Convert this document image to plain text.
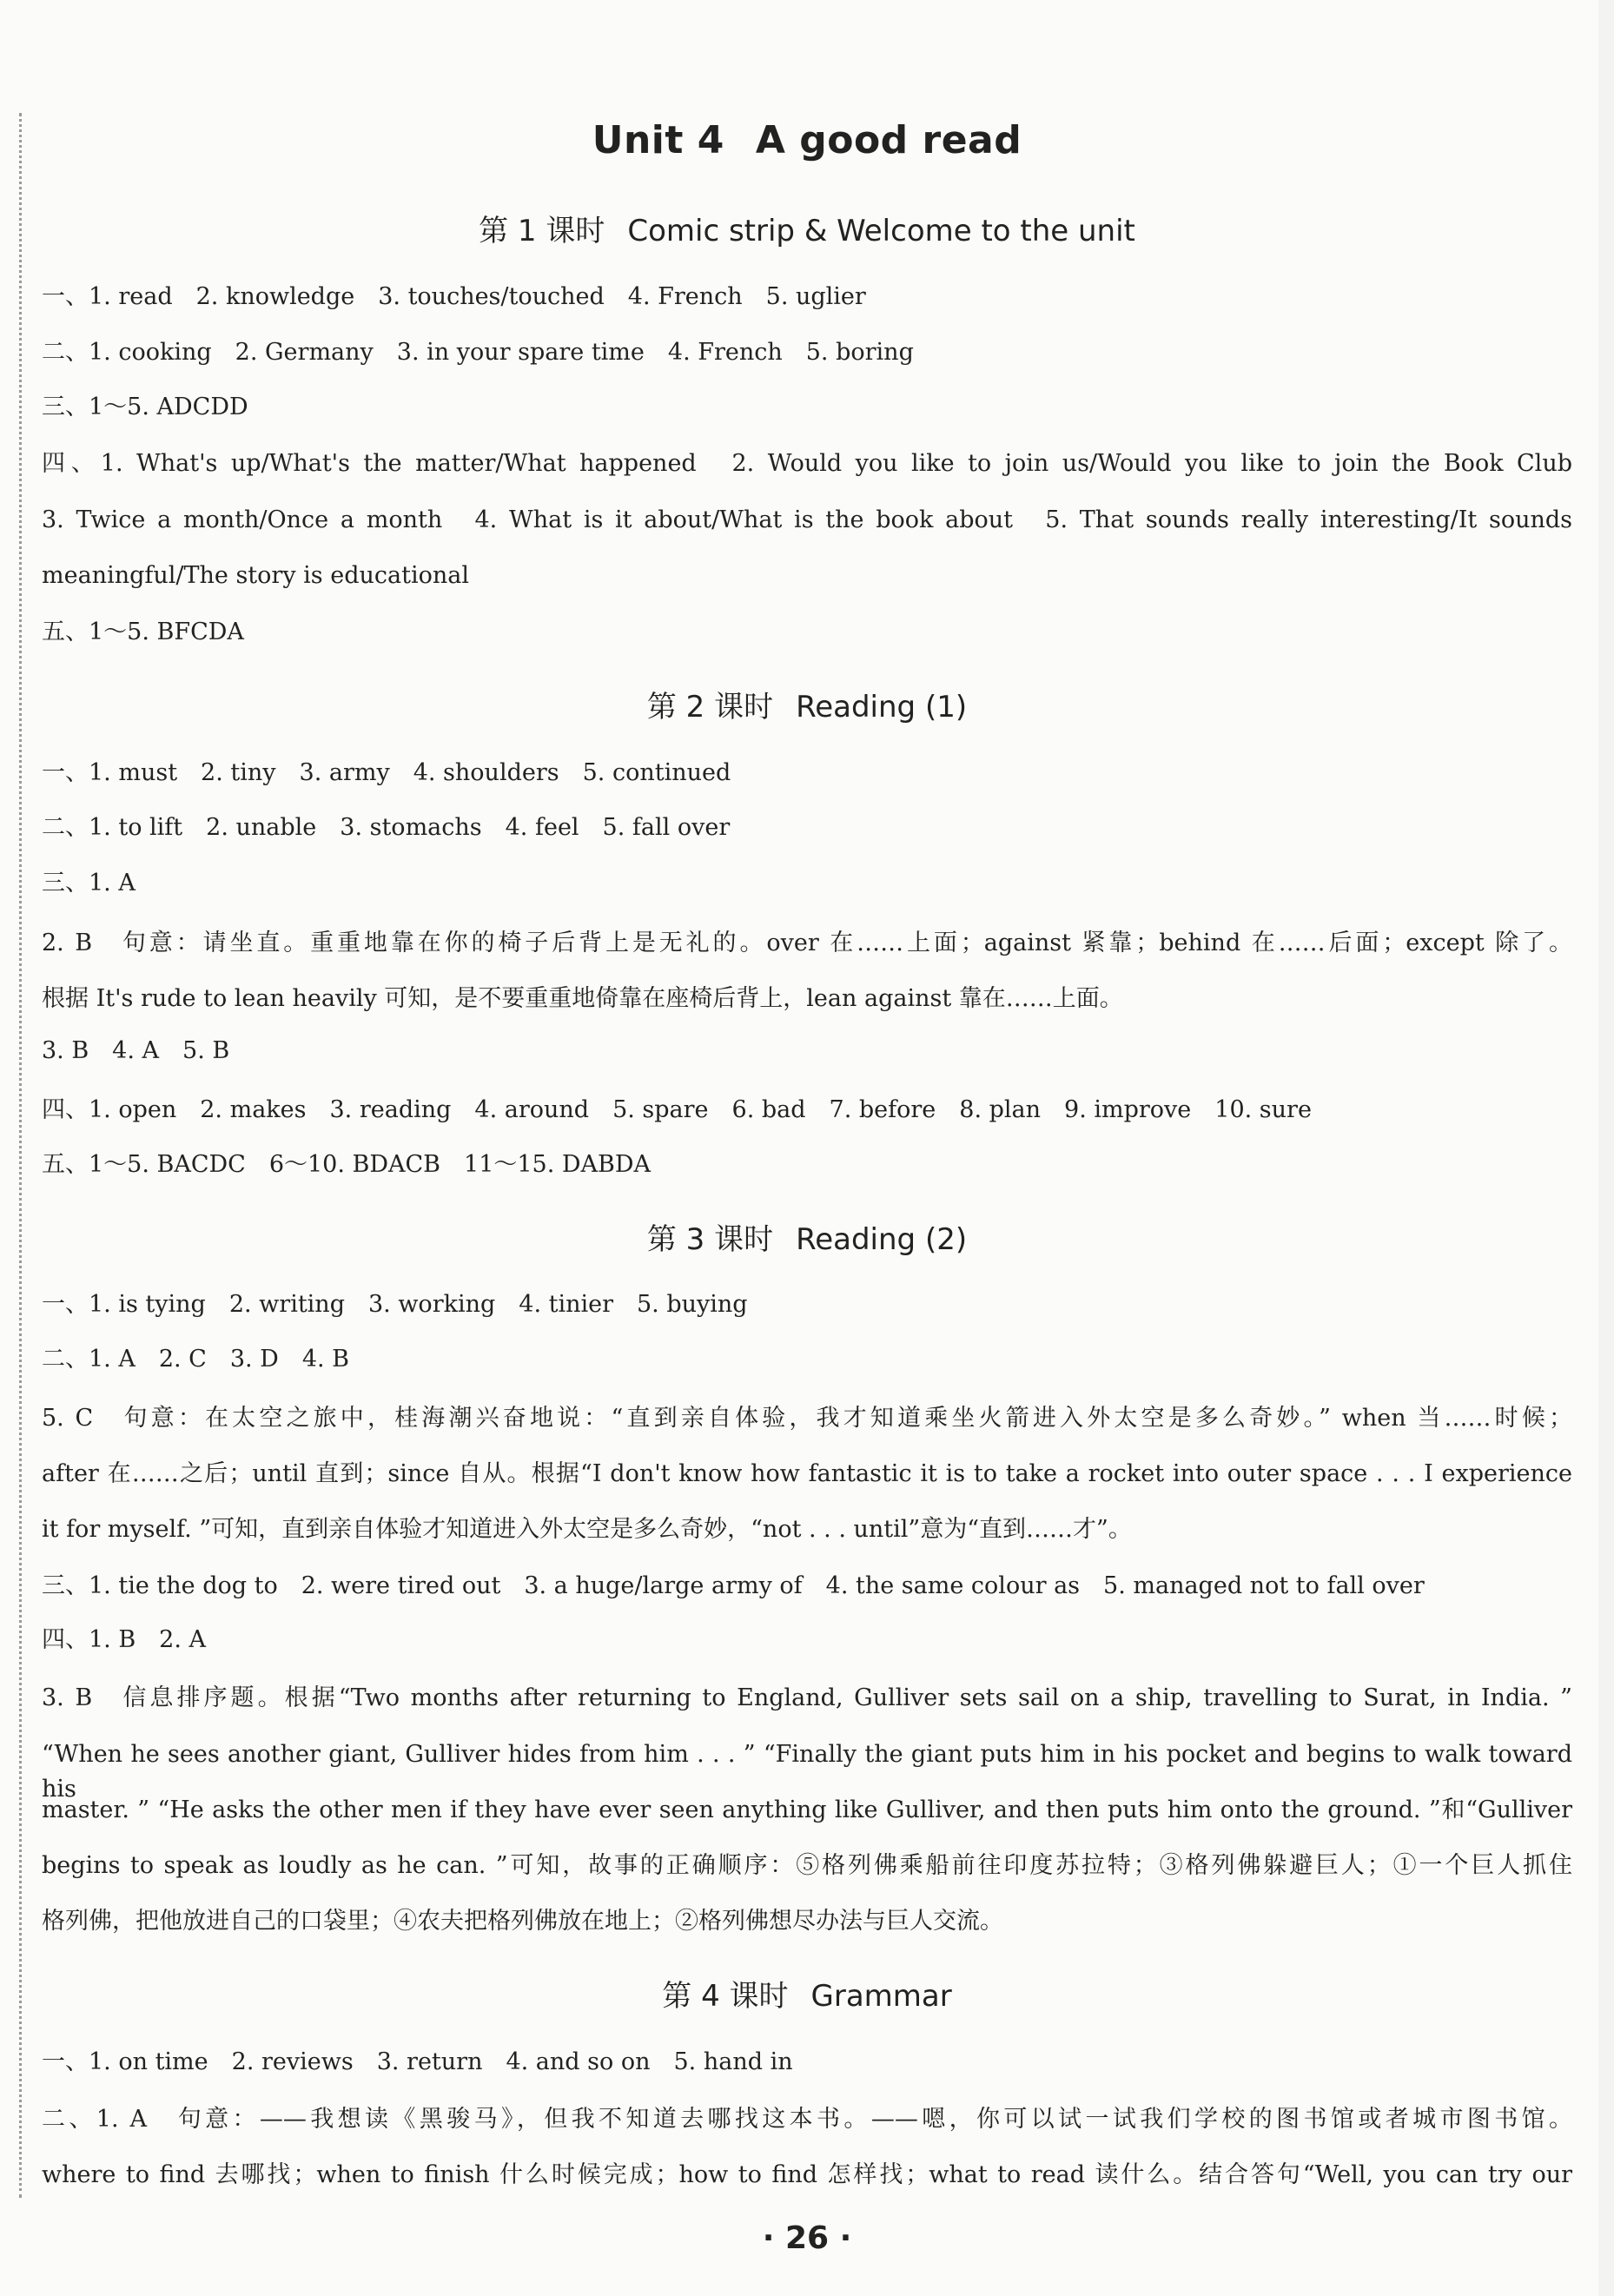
Unit 4 A good read
第 1 课时 Comic strip & Welcome to the unit
一、1. read　2. knowledge　3. touches/touched　4. French　5. uglier
二、1. cooking　2. Germany　3. in your spare time　4. French　5. boring
三、1～5. ADCDD
四、1. What's up/What's the matter/What happened　2. Would you like to join us/Would you like to join the Book Club
3. Twice a month/Once a month　4. What is it about/What is the book about　5. That sounds really interesting/It sounds
meaningful/The story is educational
五、1～5. BFCDA
第 2 课时 Reading (1)
一、1. must　2. tiny　3. army　4. shoulders　5. continued
二、1. to lift　2. unable　3. stomachs　4. feel　5. fall over
三、1. A
2. B　句意：请坐直。重重地靠在你的椅子后背上是无礼的。over 在……上面；against 紧靠；behind 在……后面；except 除了。
根据 It's rude to lean heavily 可知，是不要重重地倚靠在座椅后背上，lean against 靠在……上面。
3. B　4. A　5. B
四、1. open　2. makes　3. reading　4. around　5. spare　6. bad　7. before　8. plan　9. improve　10. sure
五、1～5. BACDC　6～10. BDACB　11～15. DABDA
第 3 课时 Reading (2)
一、1. is tying　2. writing　3. working　4. tinier　5. buying
二、1. A　2. C　3. D　4. B
5. C　句意：在太空之旅中，桂海潮兴奋地说：“直到亲自体验，我才知道乘坐火箭进入外太空是多么奇妙。” when 当……时候；
after 在……之后；until 直到；since 自从。根据“I don't know how fantastic it is to take a rocket into outer space . . . I experience
it for myself. ”可知，直到亲自体验才知道进入外太空是多么奇妙，“not . . . until”意为“直到……才”。
三、1. tie the dog to　2. were tired out　3. a huge/large army of　4. the same colour as　5. managed not to fall over
四、1. B　2. A
3. B　信息排序题。根据“Two months after returning to England, Gulliver sets sail on a ship, travelling to Surat, in India. ”
“When he sees another giant, Gulliver hides from him . . . ” “Finally the giant puts him in his pocket and begins to walk toward his
master. ” “He asks the other men if they have ever seen anything like Gulliver, and then puts him onto the ground. ”和“Gulliver
begins to speak as loudly as he can. ”可知，故事的正确顺序：⑤格列佛乘船前往印度苏拉特；③格列佛躲避巨人；①一个巨人抓住
格列佛，把他放进自己的口袋里；④农夫把格列佛放在地上；②格列佛想尽办法与巨人交流。
第 4 课时 Grammar
一、1. on time　2. reviews　3. return　4. and so on　5. hand in
二、1. A　句意：——我想读《黑骏马》，但我不知道去哪找这本书。——嗯，你可以试一试我们学校的图书馆或者城市图书馆。
where to find 去哪找；when to finish 什么时候完成；how to find 怎样找；what to read 读什么。结合答句“Well, you can try our
· 26 ·
